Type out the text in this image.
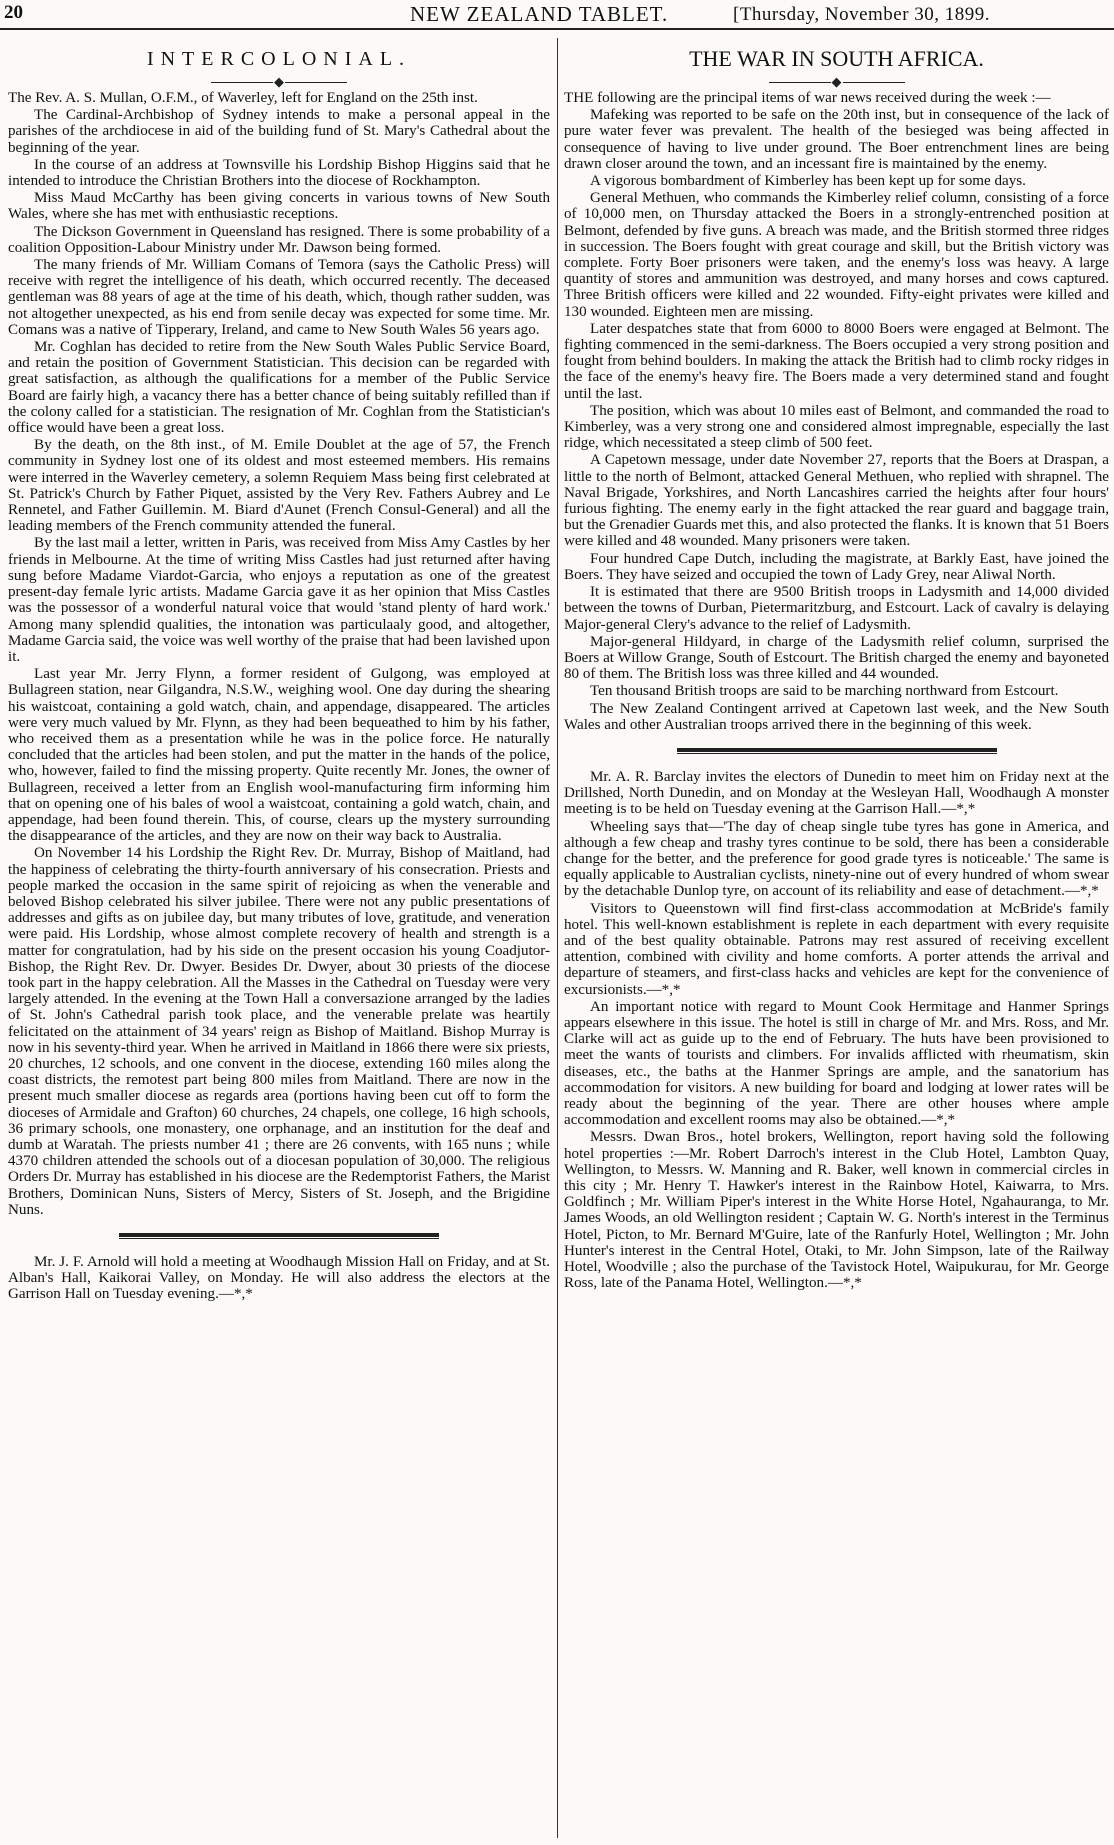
20	NEW ZEALAND TABLET.	[Thursday, November 30, 1899.
INTERCOLONIAL.
◆
The Rev. A. S. Mullan, O.F.M., of Waverley, left for England on the 25th inst.
The Cardinal-Archbishop of Sydney intends to make a personal appeal in the parishes of the archdiocese in aid of the building fund of St. Mary's Cathedral about the beginning of the year.
In the course of an address at Townsville his Lordship Bishop Higgins said that he intended to introduce the Christian Brothers into the diocese of Rockhampton.
Miss Maud McCarthy has been giving concerts in various towns of New South Wales, where she has met with enthusiastic receptions.
The Dickson Government in Queensland has resigned. There is some probability of a coalition Opposition-Labour Ministry under Mr. Dawson being formed.
The many friends of Mr. William Comans of Temora (says the Catholic Press) will receive with regret the intelligence of his death, which occurred recently. The deceased gentleman was 88 years of age at the time of his death, which, though rather sudden, was not altogether unexpected, as his end from senile decay was expected for some time. Mr. Comans was a native of Tipperary, Ireland, and came to New South Wales 56 years ago.
Mr. Coghlan has decided to retire from the New South Wales Public Service Board, and retain the position of Government Statistician. This decision can be regarded with great satisfaction, as although the qualifications for a member of the Public Service Board are fairly high, a vacancy there has a better chance of being suitably refilled than if the colony called for a statistician. The resignation of Mr. Coghlan from the Statistician's office would have been a great loss.
By the death, on the 8th inst., of M. Emile Doublet at the age of 57, the French community in Sydney lost one of its oldest and most esteemed members. His remains were interred in the Waverley cemetery, a solemn Requiem Mass being first celebrated at St. Patrick's Church by Father Piquet, assisted by the Very Rev. Fathers Aubrey and Le Rennetel, and Father Guillemin. M. Biard d'Aunet (French Consul-General) and all the leading members of the French community attended the funeral.
By the last mail a letter, written in Paris, was received from Miss Amy Castles by her friends in Melbourne. At the time of writing Miss Castles had just returned after having sung before Madame Viardot-Garcia, who enjoys a reputation as one of the greatest present-day female lyric artists. Madame Garcia gave it as her opinion that Miss Castles was the possessor of a wonderful natural voice that would 'stand plenty of hard work.' Among many splendid qualities, the intonation was particulaaly good, and altogether, Madame Garcia said, the voice was well worthy of the praise that had been lavished upon it.
Last year Mr. Jerry Flynn, a former resident of Gulgong, was employed at Bullagreen station, near Gilgandra, N.S.W., weighing wool. One day during the shearing his waistcoat, containing a gold watch, chain, and appendage, disappeared. The articles were very much valued by Mr. Flynn, as they had been bequeathed to him by his father, who received them as a presentation while he was in the police force. He naturally concluded that the articles had been stolen, and put the matter in the hands of the police, who, however, failed to find the missing property. Quite recently Mr. Jones, the owner of Bullagreen, received a letter from an English wool-manufacturing firm informing him that on opening one of his bales of wool a waistcoat, containing a gold watch, chain, and appendage, had been found therein. This, of course, clears up the mystery surrounding the disappearance of the articles, and they are now on their way back to Australia.
On November 14 his Lordship the Right Rev. Dr. Murray, Bishop of Maitland, had the happiness of celebrating the thirty-fourth anniversary of his consecration. Priests and people marked the occasion in the same spirit of rejoicing as when the venerable and beloved Bishop celebrated his silver jubilee. There were not any public presentations of addresses and gifts as on jubilee day, but many tributes of love, gratitude, and veneration were paid. His Lordship, whose almost complete recovery of health and strength is a matter for congratulation, had by his side on the present occasion his young Coadjutor-Bishop, the Right Rev. Dr. Dwyer. Besides Dr. Dwyer, about 30 priests of the diocese took part in the happy celebration. All the Masses in the Cathedral on Tuesday were very largely attended. In the evening at the Town Hall a conversazione arranged by the ladies of St. John's Cathedral parish took place, and the venerable prelate was heartily felicitated on the attainment of 34 years' reign as Bishop of Maitland. Bishop Murray is now in his seventy-third year. When he arrived in Maitland in 1866 there were six priests, 20 churches, 12 schools, and one convent in the diocese, extending 160 miles along the coast districts, the remotest part being 800 miles from Maitland. There are now in the present much smaller diocese as regards area (portions having been cut off to form the dioceses of Armidale and Grafton) 60 churches, 24 chapels, one college, 16 high schools, 36 primary schools, one monastery, one orphanage, and an institution for the deaf and dumb at Waratah. The priests number 41 ; there are 26 convents, with 165 nuns ; while 4370 children attended the schools out of a diocesan population of 30,000. The religious Orders Dr. Murray has established in his diocese are the Redemptorist Fathers, the Marist Brothers, Dominican Nuns, Sisters of Mercy, Sisters of St. Joseph, and the Brigidine Nuns.
Mr. J. F. Arnold will hold a meeting at Woodhaugh Mission Hall on Friday, and at St. Alban's Hall, Kaikorai Valley, on Monday. He will also address the electors at the Garrison Hall on Tuesday evening.—*,*
THE WAR IN SOUTH AFRICA.
◆
THE following are the principal items of war news received during the week :—
Mafeking was reported to be safe on the 20th inst, but in consequence of the lack of pure water fever was prevalent. The health of the besieged was being affected in consequence of having to live under ground. The Boer entrenchment lines are being drawn closer around the town, and an incessant fire is maintained by the enemy.
A vigorous bombardment of Kimberley has been kept up for some days.
General Methuen, who commands the Kimberley relief column, consisting of a force of 10,000 men, on Thursday attacked the Boers in a strongly-entrenched position at Belmont, defended by five guns. A breach was made, and the British stormed three ridges in succession. The Boers fought with great courage and skill, but the British victory was complete. Forty Boer prisoners were taken, and the enemy's loss was heavy. A large quantity of stores and ammunition was destroyed, and many horses and cows captured. Three British officers were killed and 22 wounded. Fifty-eight privates were killed and 130 wounded. Eighteen men are missing.
Later despatches state that from 6000 to 8000 Boers were engaged at Belmont. The fighting commenced in the semi-darkness. The Boers occupied a very strong position and fought from behind boulders. In making the attack the British had to climb rocky ridges in the face of the enemy's heavy fire. The Boers made a very determined stand and fought until the last.
The position, which was about 10 miles east of Belmont, and commanded the road to Kimberley, was a very strong one and considered almost impregnable, especially the last ridge, which necessitated a steep climb of 500 feet.
A Capetown message, under date November 27, reports that the Boers at Draspan, a little to the north of Belmont, attacked General Methuen, who replied with shrapnel. The Naval Brigade, Yorkshires, and North Lancashires carried the heights after four hours' furious fighting. The enemy early in the fight attacked the rear guard and baggage train, but the Grenadier Guards met this, and also protected the flanks. It is known that 51 Boers were killed and 48 wounded. Many prisoners were taken.
Four hundred Cape Dutch, including the magistrate, at Barkly East, have joined the Boers. They have seized and occupied the town of Lady Grey, near Aliwal North.
It is estimated that there are 9500 British troops in Ladysmith and 14,000 divided between the towns of Durban, Pietermaritzburg, and Estcourt. Lack of cavalry is delaying Major-general Clery's advance to the relief of Ladysmith.
Major-general Hildyard, in charge of the Ladysmith relief column, surprised the Boers at Willow Grange, South of Estcourt. The British charged the enemy and bayoneted 80 of them. The British loss was three killed and 44 wounded.
Ten thousand British troops are said to be marching northward from Estcourt.
The New Zealand Contingent arrived at Capetown last week, and the New South Wales and other Australian troops arrived there in the beginning of this week.
Mr. A. R. Barclay invites the electors of Dunedin to meet him on Friday next at the Drillshed, North Dunedin, and on Monday at the Wesleyan Hall, Woodhaugh A monster meeting is to be held on Tuesday evening at the Garrison Hall.—*,*
Wheeling says that—'The day of cheap single tube tyres has gone in America, and although a few cheap and trashy tyres continue to be sold, there has been a considerable change for the better, and the preference for good grade tyres is noticeable.' The same is equally applicable to Australian cyclists, ninety-nine out of every hundred of whom swear by the detachable Dunlop tyre, on account of its reliability and ease of detachment.—*,*
Visitors to Queenstown will find first-class accommodation at McBride's family hotel. This well-known establishment is replete in each department with every requisite and of the best quality obtainable. Patrons may rest assured of receiving excellent attention, combined with civility and home comforts. A porter attends the arrival and departure of steamers, and first-class hacks and vehicles are kept for the convenience of excursionists.—*,*
An important notice with regard to Mount Cook Hermitage and Hanmer Springs appears elsewhere in this issue. The hotel is still in charge of Mr. and Mrs. Ross, and Mr. Clarke will act as guide up to the end of February. The huts have been provisioned to meet the wants of tourists and climbers. For invalids afflicted with rheumatism, skin diseases, etc., the baths at the Hanmer Springs are ample, and the sanatorium has accommodation for visitors. A new building for board and lodging at lower rates will be ready about the beginning of the year. There are other houses where ample accommodation and excellent rooms may also be obtained.—*,*
Messrs. Dwan Bros., hotel brokers, Wellington, report having sold the following hotel properties :—Mr. Robert Darroch's interest in the Club Hotel, Lambton Quay, Wellington, to Messrs. W. Manning and R. Baker, well known in commercial circles in this city ; Mr. Henry T. Hawker's interest in the Rainbow Hotel, Kaiwarra, to Mrs. Goldfinch ; Mr. William Piper's interest in the White Horse Hotel, Ngahauranga, to Mr. James Woods, an old Wellington resident ; Captain W. G. North's interest in the Terminus Hotel, Picton, to Mr. Bernard M'Guire, late of the Ranfurly Hotel, Wellington ; Mr. John Hunter's interest in the Central Hotel, Otaki, to Mr. John Simpson, late of the Railway Hotel, Woodville ; also the purchase of the Tavistock Hotel, Waipukurau, for Mr. George Ross, late of the Panama Hotel, Wellington.—*,*
